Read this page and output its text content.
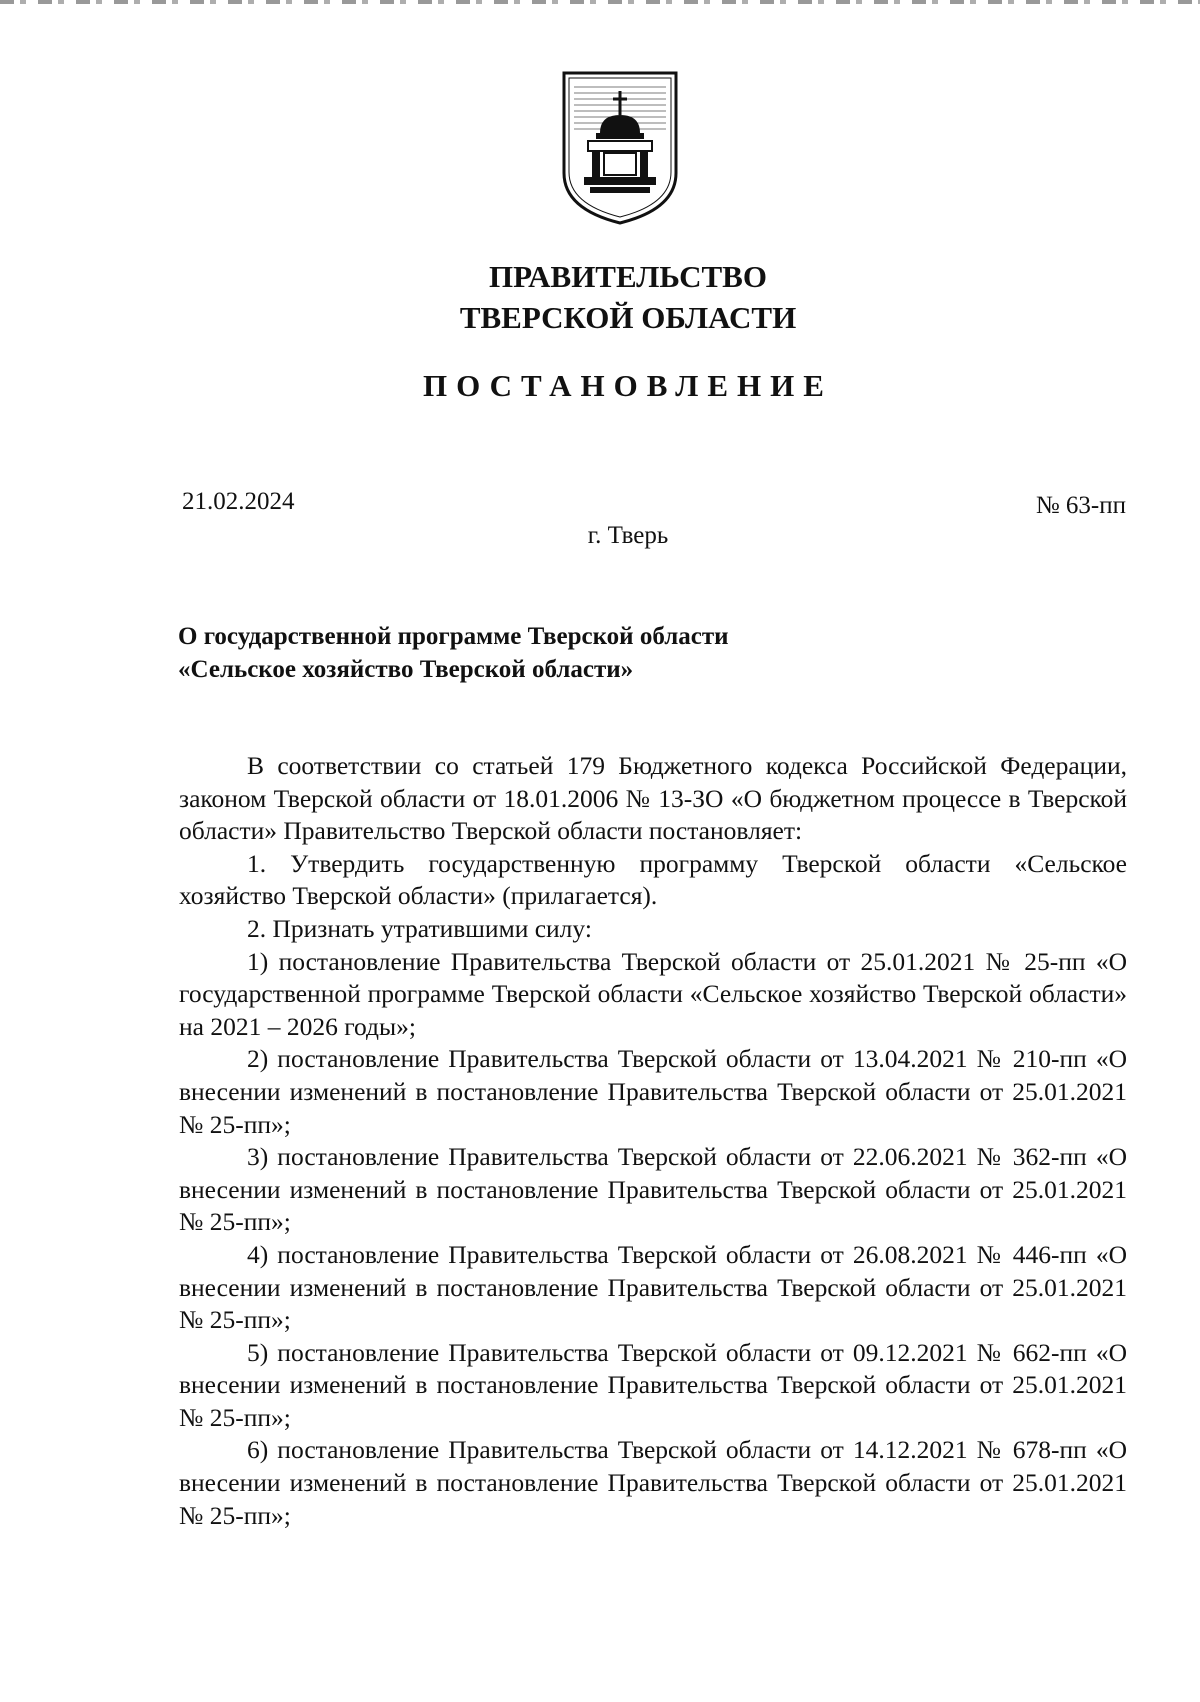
ПРАВИТЕЛЬСТВО
ТВЕРСКОЙ ОБЛАСТИ
ПОСТАНОВЛЕНИЕ
21.02.2024	№ 63-пп
г. Тверь
О государственной программе Тверской области
«Сельское хозяйство Тверской области»

В соответствии со статьей 179 Бюджетного кодекса Российской Федерации, законом Тверской области от 18.01.2006 № 13-ЗО «О бюджетном процессе в Тверской области» Правительство Тверской области постановляет:

1. Утвердить государственную программу Тверской области «Сельское хозяйство Тверской области» (прилагается).

2. Признать утратившими силу:

1) постановление Правительства Тверской области от 25.01.2021 № 25-пп «О государственной программе Тверской области «Сельское хозяйство Тверской области» на 2021 – 2026 годы»;

2) постановление Правительства Тверской области от 13.04.2021 № 210-пп «О внесении изменений в постановление Правительства Тверской области от 25.01.2021 № 25-пп»;

3) постановление Правительства Тверской области от 22.06.2021 № 362-пп «О внесении изменений в постановление Правительства Тверской области от 25.01.2021 № 25-пп»;

4) постановление Правительства Тверской области от 26.08.2021 № 446-пп «О внесении изменений в постановление Правительства Тверской области от 25.01.2021 № 25-пп»;

5) постановление Правительства Тверской области от 09.12.2021 № 662-пп «О внесении изменений в постановление Правительства Тверской области от 25.01.2021 № 25-пп»;

6) постановление Правительства Тверской области от 14.12.2021 № 678-пп «О внесении изменений в постановление Правительства Тверской области от 25.01.2021 № 25-пп»;
